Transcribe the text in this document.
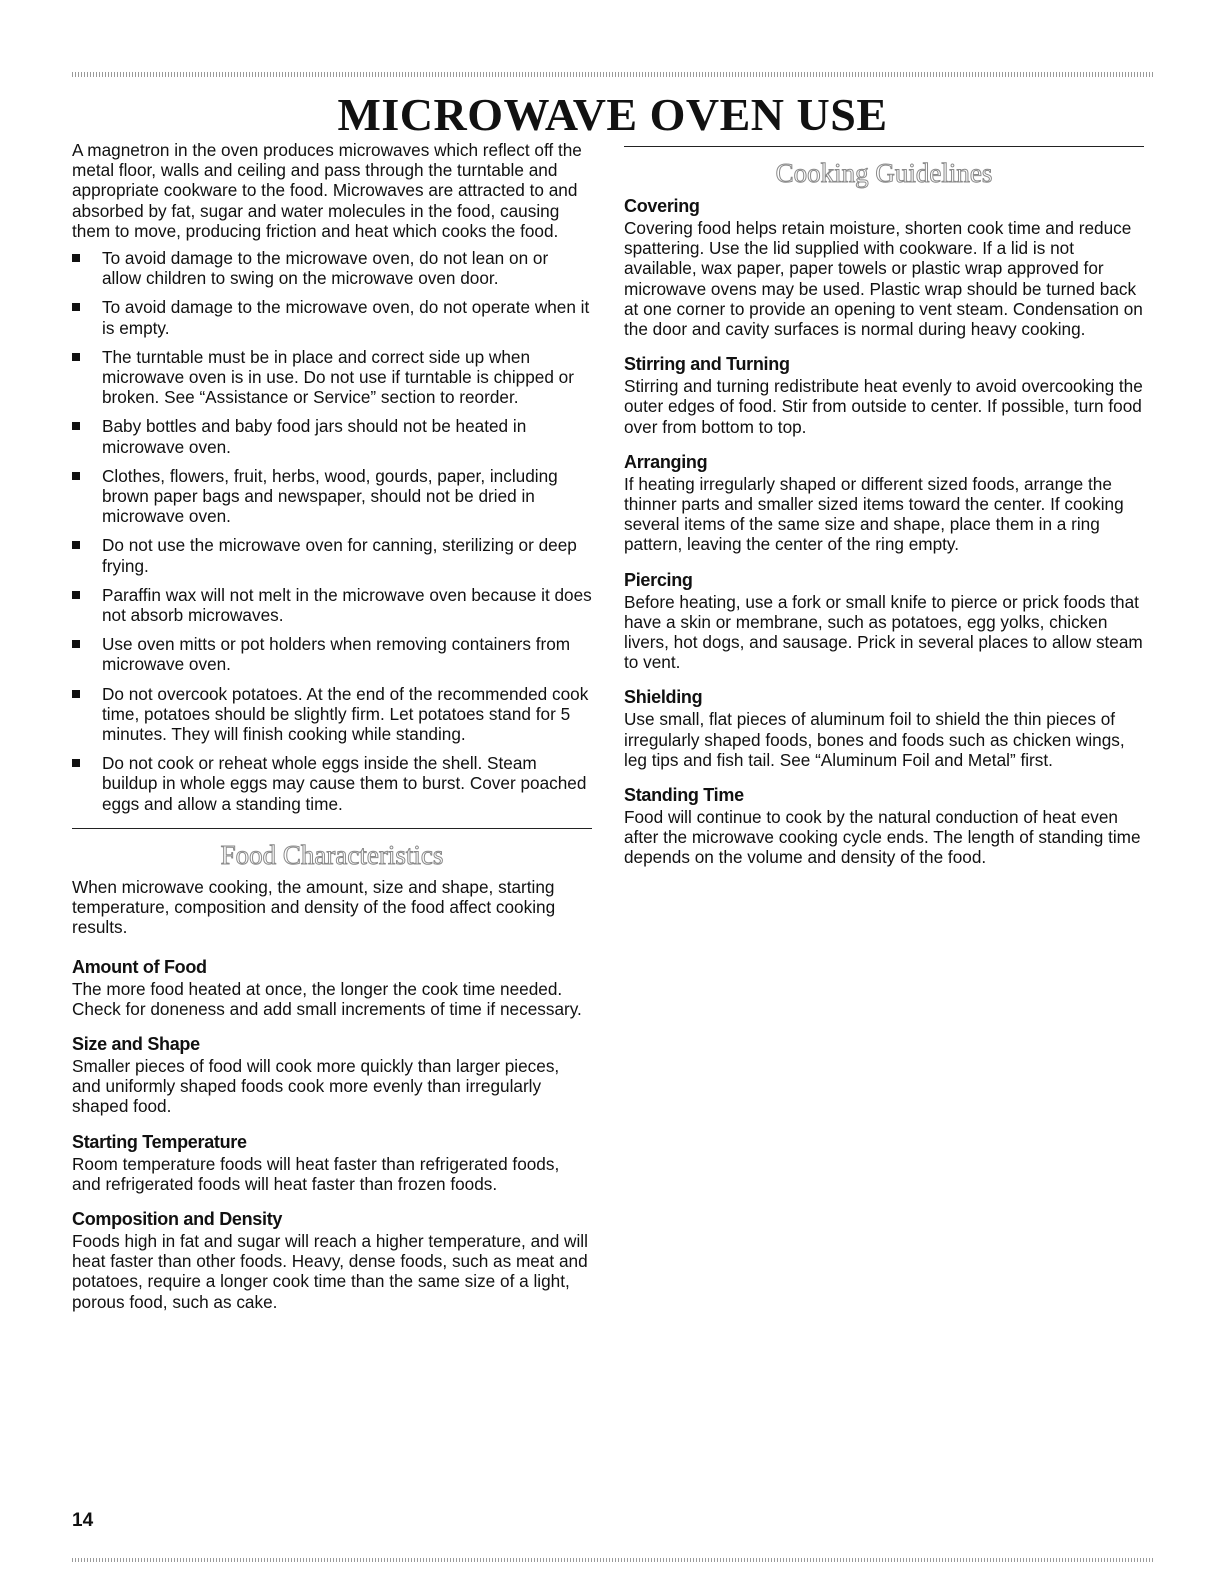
MICROWAVE OVEN USE

A magnetron in the oven produces microwaves which reflect off the metal floor, walls and ceiling and pass through the turntable and appropriate cookware to the food. Microwaves are attracted to and absorbed by fat, sugar and water molecules in the food, causing them to move, producing friction and heat which cooks the food.

To avoid damage to the microwave oven, do not lean on or allow children to swing on the microwave oven door.
To avoid damage to the microwave oven, do not operate when it is empty.
The turntable must be in place and correct side up when microwave oven is in use. Do not use if turntable is chipped or broken. See “Assistance or Service” section to reorder.
Baby bottles and baby food jars should not be heated in microwave oven.
Clothes, flowers, fruit, herbs, wood, gourds, paper, including brown paper bags and newspaper, should not be dried in microwave oven.
Do not use the microwave oven for canning, sterilizing or deep frying.
Paraffin wax will not melt in the microwave oven because it does not absorb microwaves.
Use oven mitts or pot holders when removing containers from microwave oven.
Do not overcook potatoes. At the end of the recommended cook time, potatoes should be slightly firm. Let potatoes stand for 5 minutes. They will finish cooking while standing.
Do not cook or reheat whole eggs inside the shell. Steam buildup in whole eggs may cause them to burst. Cover poached eggs and allow a standing time.
Food Characteristics

When microwave cooking, the amount, size and shape, starting temperature, composition and density of the food affect cooking results.

Amount of Food

The more food heated at once, the longer the cook time needed. Check for doneness and add small increments of time if necessary.

Size and Shape

Smaller pieces of food will cook more quickly than larger pieces, and uniformly shaped foods cook more evenly than irregularly shaped food.

Starting Temperature

Room temperature foods will heat faster than refrigerated foods, and refrigerated foods will heat faster than frozen foods.

Composition and Density

Foods high in fat and sugar will reach a higher temperature, and will heat faster than other foods. Heavy, dense foods, such as meat and potatoes, require a longer cook time than the same size of a light, porous food, such as cake.

Cooking Guidelines
Covering

Covering food helps retain moisture, shorten cook time and reduce spattering. Use the lid supplied with cookware. If a lid is not available, wax paper, paper towels or plastic wrap approved for microwave ovens may be used. Plastic wrap should be turned back at one corner to provide an opening to vent steam. Condensation on the door and cavity surfaces is normal during heavy cooking.

Stirring and Turning

Stirring and turning redistribute heat evenly to avoid overcooking the outer edges of food. Stir from outside to center. If possible, turn food over from bottom to top.

Arranging

If heating irregularly shaped or different sized foods, arrange the thinner parts and smaller sized items toward the center. If cooking several items of the same size and shape, place them in a ring pattern, leaving the center of the ring empty.

Piercing

Before heating, use a fork or small knife to pierce or prick foods that have a skin or membrane, such as potatoes, egg yolks, chicken livers, hot dogs, and sausage. Prick in several places to allow steam to vent.

Shielding

Use small, flat pieces of aluminum foil to shield the thin pieces of irregularly shaped foods, bones and foods such as chicken wings, leg tips and fish tail. See “Aluminum Foil and Metal” first.

Standing Time

Food will continue to cook by the natural conduction of heat even after the microwave cooking cycle ends. The length of standing time depends on the volume and density of the food.

14
